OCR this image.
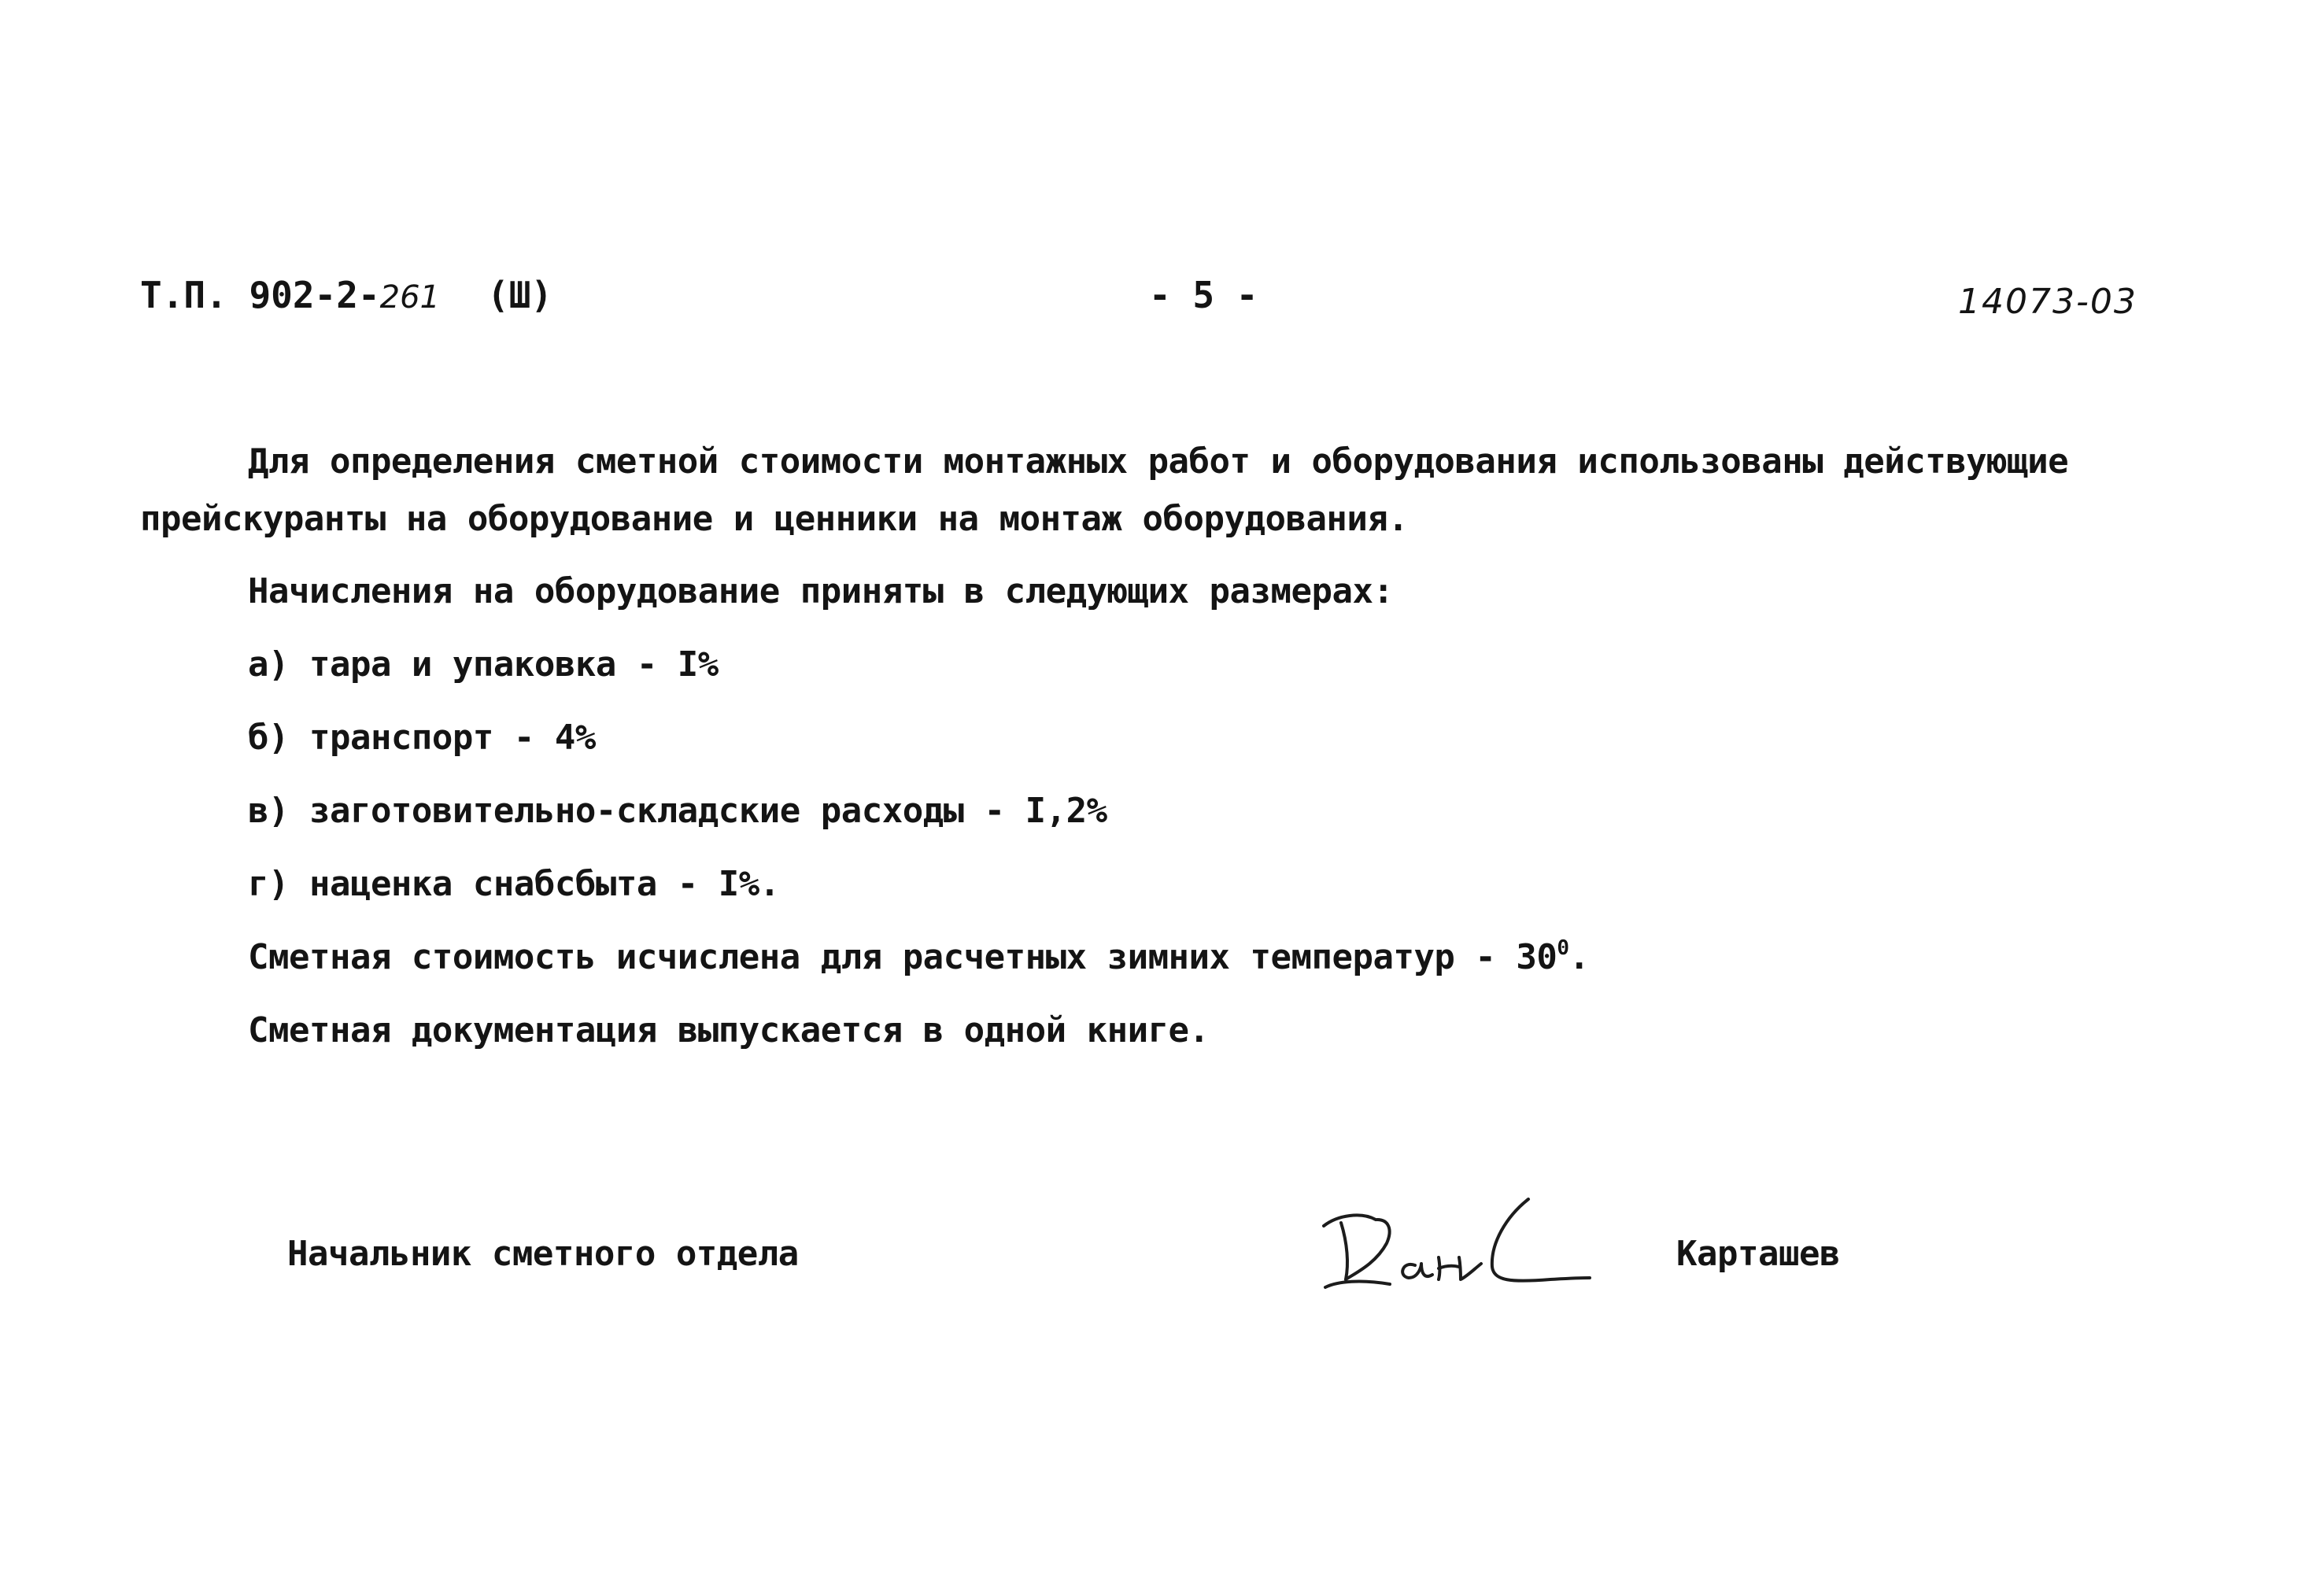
Т.П. 902-2-261 (Ш)	- 5 -	14073-03
Для определения сметной стоимости монтажных работ и оборудования использованы действующие
прейскуранты на оборудование и ценники на монтаж оборудования.
Начисления на оборудование приняты в следующих размерах:
а) тара и упаковка - I%
б) транспорт - 4%
в) заготовительно-складские расходы - I,2%
г) наценка снабсбыта - I%.
Сметная стоимость исчислена для расчетных зимних температур - $30^0$.
Сметная документация выпускается в одной книге.
Начальник сметного отдела	Карташев
